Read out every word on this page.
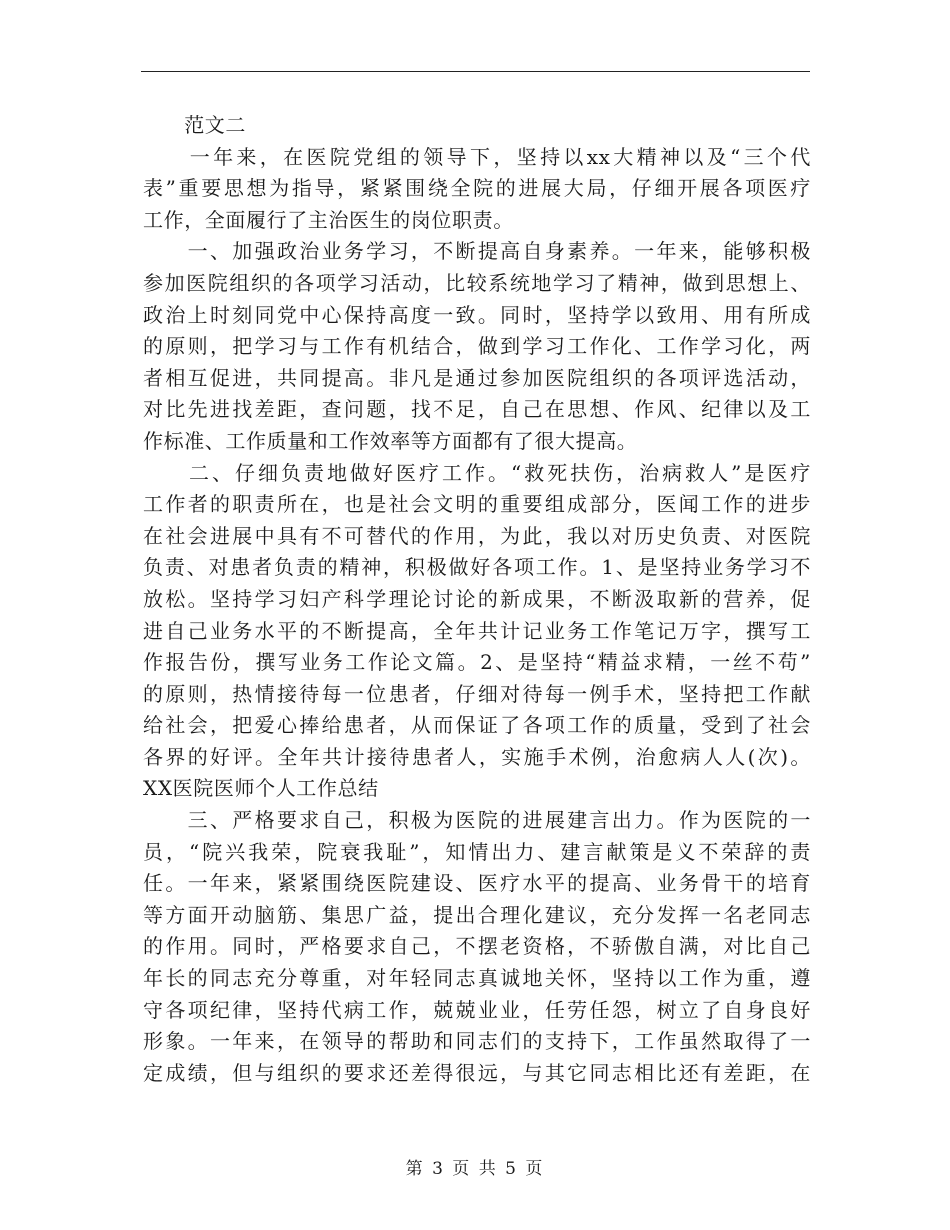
　　范文二
　　一年来，在医院党组的领导下，坚持以xx大精神以及“三个代
表”重要思想为指导，紧紧围绕全院的进展大局，仔细开展各项医疗
工作，全面履行了主治医生的岗位职责。
　　一、加强政治业务学习，不断提高自身素养。一年来，能够积极
参加医院组织的各项学习活动，比较系统地学习了精神，做到思想上、
政治上时刻同党中心保持高度一致。同时，坚持学以致用、用有所成
的原则，把学习与工作有机结合，做到学习工作化、工作学习化，两
者相互促进，共同提高。非凡是通过参加医院组织的各项评选活动，
对比先进找差距，查问题，找不足，自己在思想、作风、纪律以及工
作标准、工作质量和工作效率等方面都有了很大提高。
　　二、仔细负责地做好医疗工作。“救死扶伤，治病救人”是医疗
工作者的职责所在，也是社会文明的重要组成部分，医闻工作的进步
在社会进展中具有不可替代的作用，为此，我以对历史负责、对医院
负责、对患者负责的精神，积极做好各项工作。1、是坚持业务学习不
放松。坚持学习妇产科学理论讨论的新成果，不断汲取新的营养，促
进自己业务水平的不断提高，全年共计记业务工作笔记万字，撰写工
作报告份，撰写业务工作论文篇。2、是坚持“精益求精，一丝不苟”
的原则，热情接待每一位患者，仔细对待每一例手术，坚持把工作献
给社会，把爱心捧给患者，从而保证了各项工作的质量，受到了社会
各界的好评。全年共计接待患者人，实施手术例，治愈病人人(次)。
XX医院医师个人工作总结
　　三、严格要求自己，积极为医院的进展建言出力。作为医院的一
员，“院兴我荣，院衰我耻”，知情出力、建言献策是义不荣辞的责
任。一年来，紧紧围绕医院建设、医疗水平的提高、业务骨干的培育
等方面开动脑筋、集思广益，提出合理化建议，充分发挥一名老同志
的作用。同时，严格要求自己，不摆老资格，不骄傲自满，对比自己
年长的同志充分尊重，对年轻同志真诚地关怀，坚持以工作为重，遵
守各项纪律，坚持代病工作，兢兢业业，任劳任怨，树立了自身良好
形象。一年来，在领导的帮助和同志们的支持下，工作虽然取得了一
定成绩，但与组织的要求还差得很远，与其它同志相比还有差距，在
第 3 页 共 5 页
